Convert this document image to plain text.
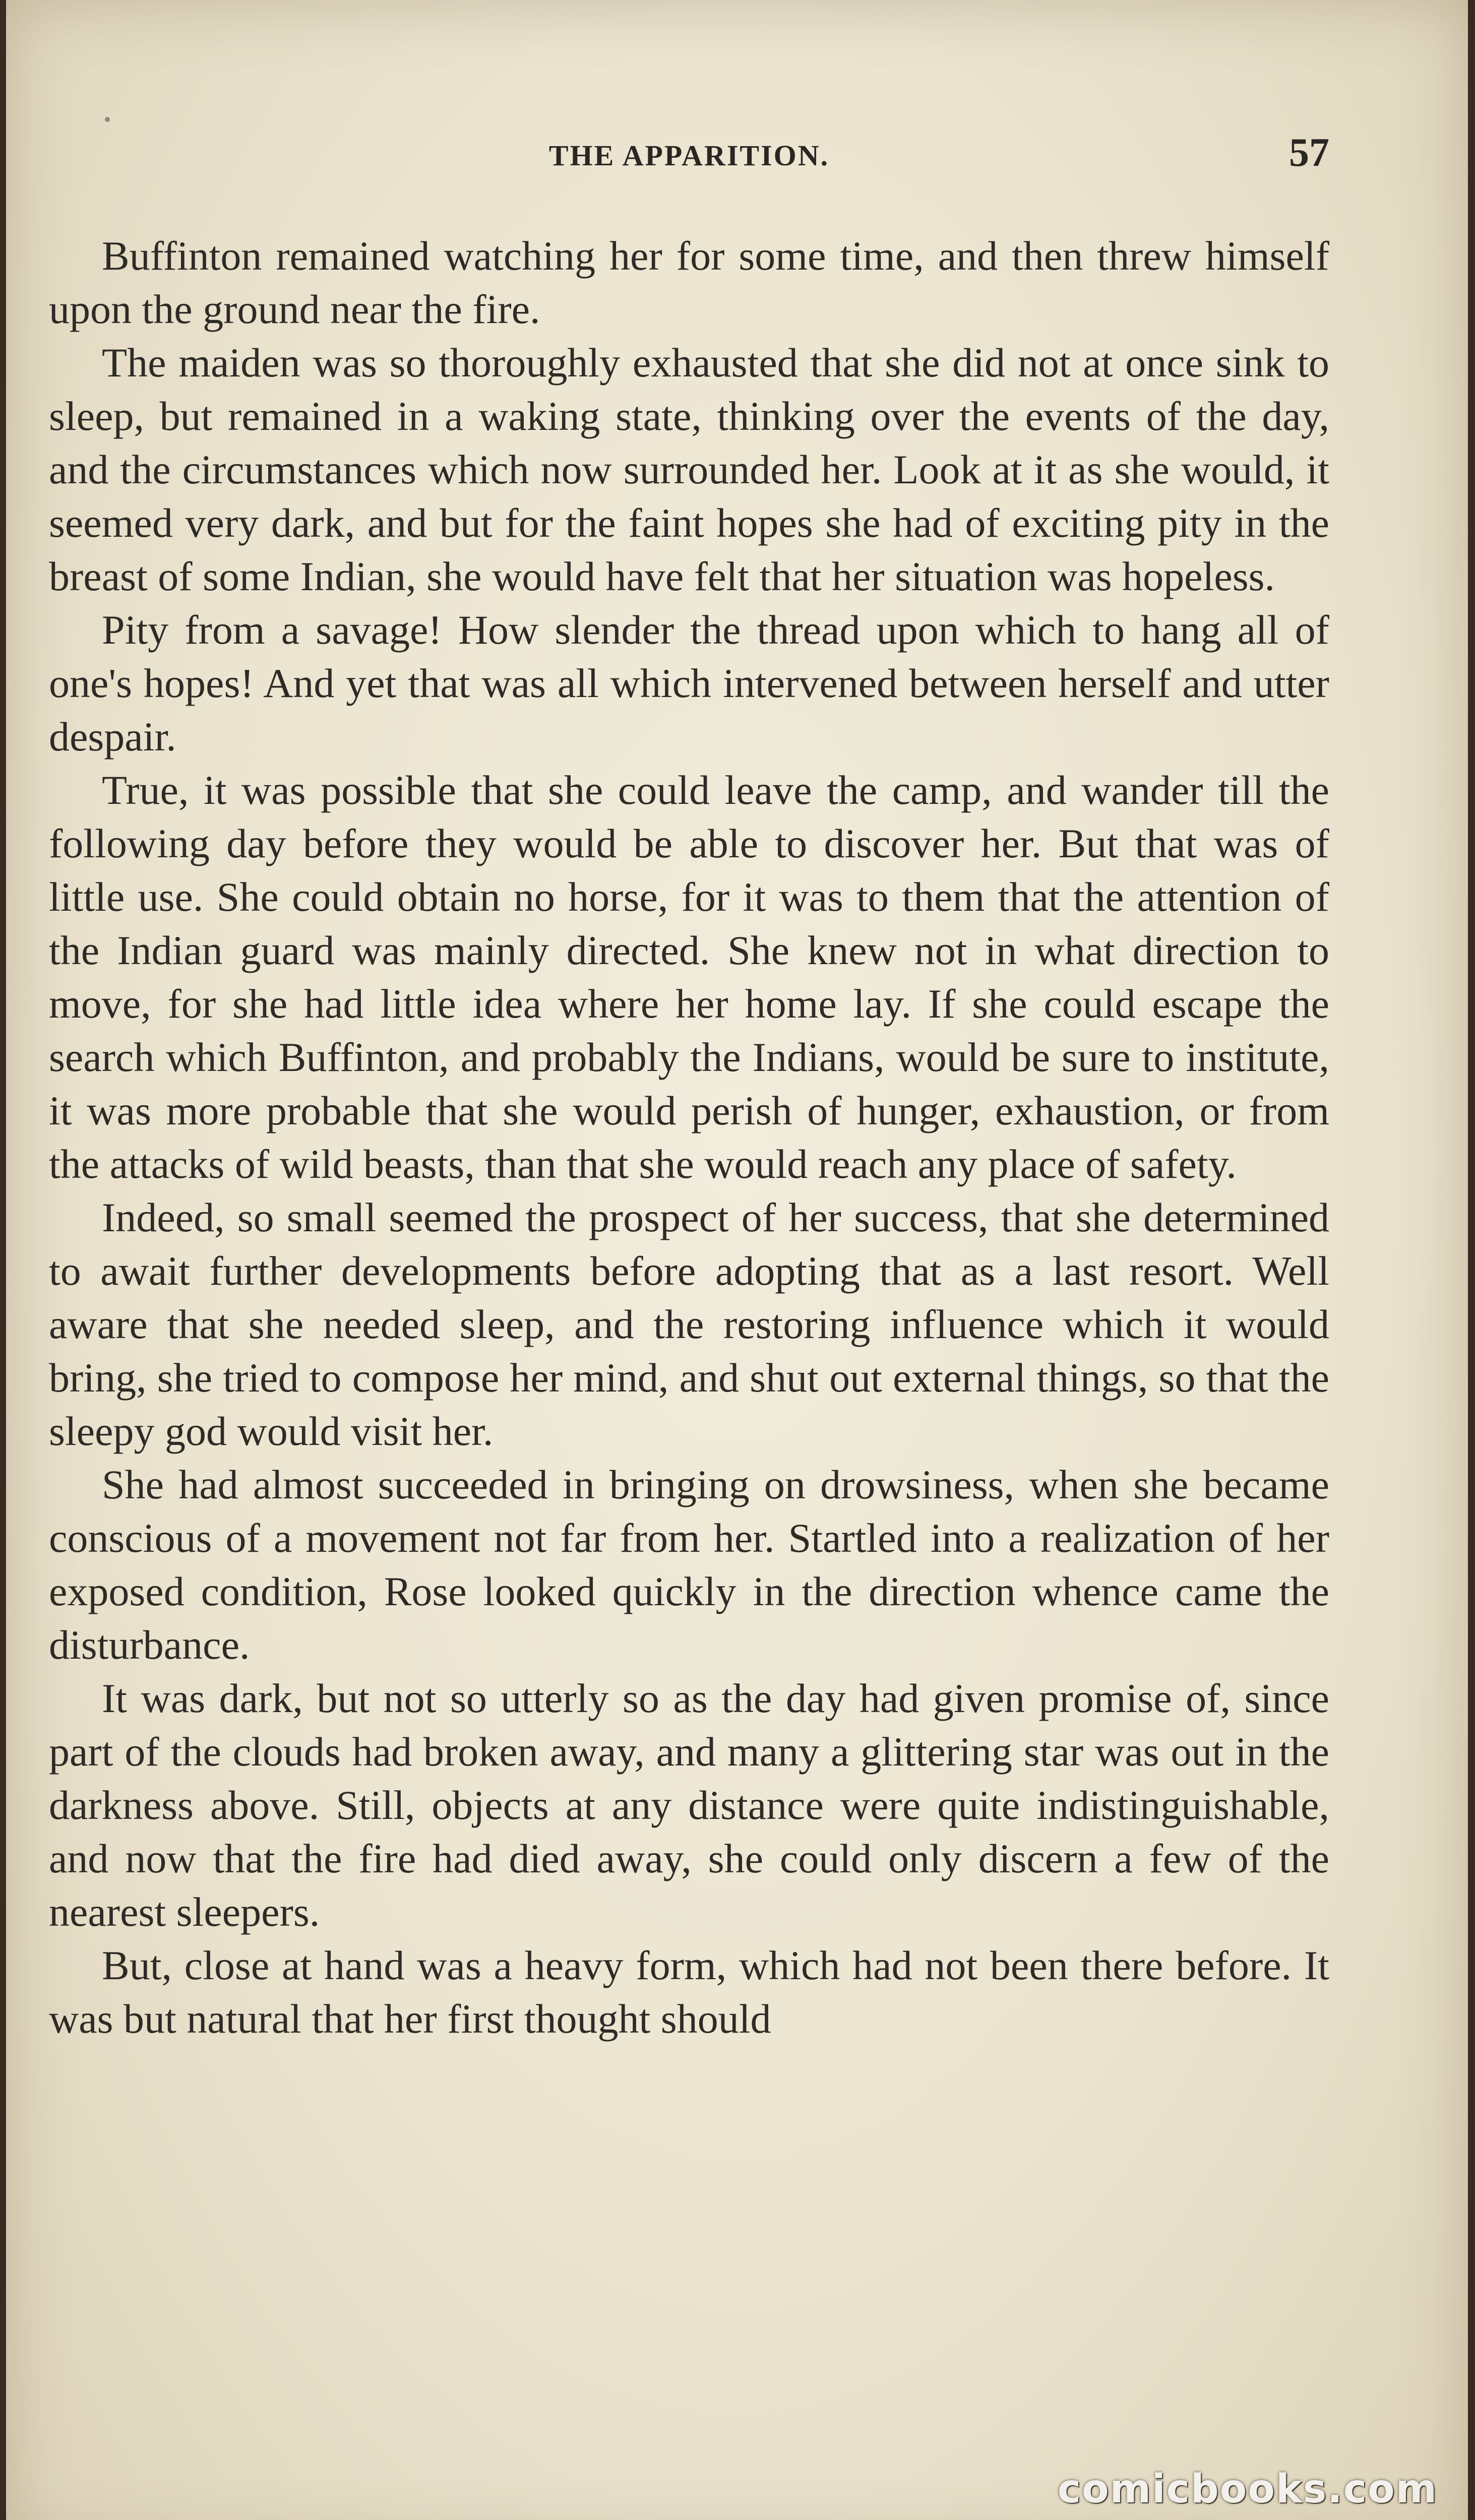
THE APPARITION.	57

Buffinton remained watching her for some time, and then threw himself upon the ground near the fire.

The maiden was so thoroughly exhausted that she did not at once sink to sleep, but remained in a waking state, thinking over the events of the day, and the circumstances which now surrounded her. Look at it as she would, it seemed very dark, and but for the faint hopes she had of exciting pity in the breast of some Indian, she would have felt that her situation was hopeless.

Pity from a savage! How slender the thread upon which to hang all of one's hopes! And yet that was all which intervened between herself and utter despair.

True, it was possible that she could leave the camp, and wander till the following day before they would be able to discover her. But that was of little use. She could obtain no horse, for it was to them that the attention of the Indian guard was mainly directed. She knew not in what direction to move, for she had little idea where her home lay. If she could escape the search which Buffinton, and probably the Indians, would be sure to institute, it was more probable that she would perish of hunger, exhaustion, or from the attacks of wild beasts, than that she would reach any place of safety.

Indeed, so small seemed the prospect of her success, that she determined to await further developments before adopting that as a last resort. Well aware that she needed sleep, and the restoring influence which it would bring, she tried to compose her mind, and shut out external things, so that the sleepy god would visit her.

She had almost succeeded in bringing on drowsiness, when she became conscious of a movement not far from her. Startled into a realization of her exposed condition, Rose looked quickly in the direction whence came the disturbance.

It was dark, but not so utterly so as the day had given promise of, since part of the clouds had broken away, and many a glittering star was out in the darkness above. Still, objects at any distance were quite indistinguishable, and now that the fire had died away, she could only discern a few of the nearest sleepers.

But, close at hand was a heavy form, which had not been there before. It was but natural that her first thought should

comicbooks.com
